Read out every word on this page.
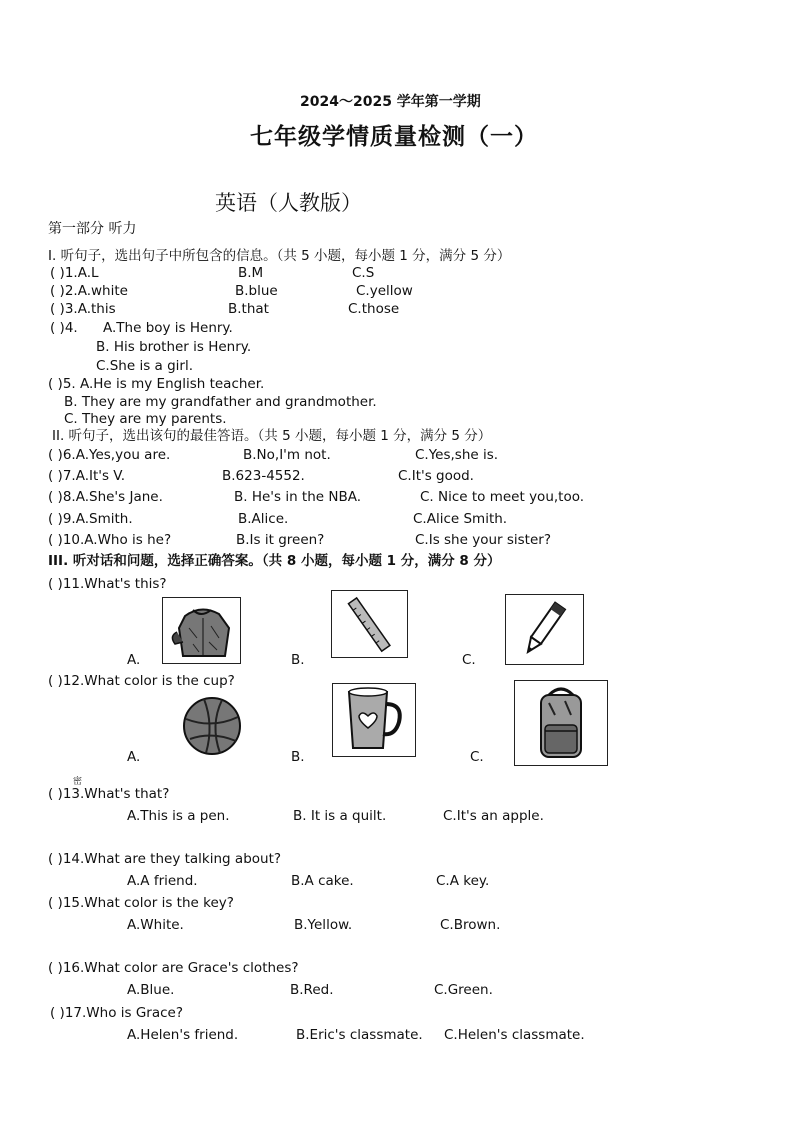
2024～2025 学年第一学期
七年级学情质量检测（一）
英语（人教版）
第一部分 听力
I. 听句子，选出句子中所包含的信息。（共 5 小题，每小题 1 分，满分 5 分）
( )1.A.L	B.M	C.S
( )2.A.white	B.blue	C.yellow
( )3.A.this	B.that	C.those
( )4. A.The boy is Henry.
B. His brother is Henry.
C.She is a girl.
( )5. A.He is my English teacher.
B. They are my grandfather and grandmother.
C. They are my parents.
II. 听句子，选出该句的最佳答语。（共 5 小题，每小题 1 分，满分 5 分）
( )6.A.Yes,you are.	B.No,I'm not.	C.Yes,she is.
( )7.A.It's V.	B.623-4552.	C.It's good.
( )8.A.She's Jane.	B. He's in the NBA.	C. Nice to meet you,too.
( )9.A.Smith.	B.Alice.	C.Alice Smith.
( )10.A.Who is he?	B.Is it green?	C.Is she your sister?
III. 听对话和问题，选择正确答案。（共 8 小题，每小题 1 分，满分 8 分）
( )11.What's this?
A.	B.	C.
( )12.What color is the cup?
A.	B.	C.
密
( )13.What's that?
A.This is a pen.	B. It is a quilt.	C.It's an apple.
( )14.What are they talking about?
A.A friend.	B.A cake.	C.A key.
( )15.What color is the key?
A.White.	B.Yellow.	C.Brown.
( )16.What color are Grace's clothes?
A.Blue.	B.Red.	C.Green.
( )17.Who is Grace?
A.Helen's friend.	B.Eric's classmate. C.Helen's classmate.
